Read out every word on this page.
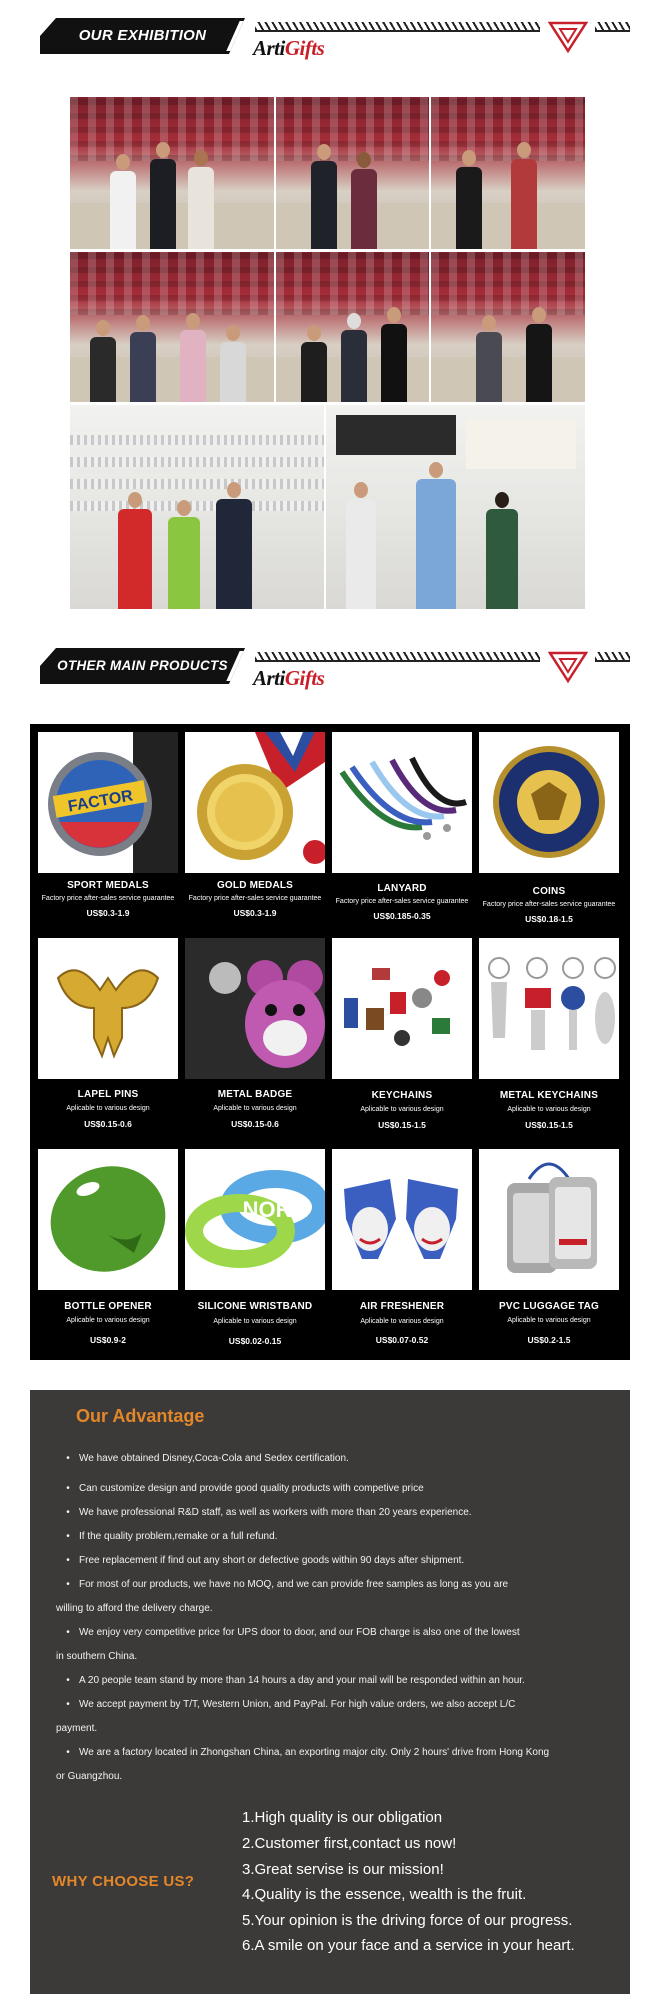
OUR EXHIBITION
ArtiGifts
OTHER MAIN PRODUCTS
ArtiGifts
FACTOR
SPORT MEDALS
Factory price after-sales service guarantee
US$0.3-1.9
GOLD MEDALS
Factory price after-sales service guarantee
US$0.3-1.9
LANYARD
Factory price after-sales service guarantee
US$0.185-0.35
COINS
Factory price after-sales service guarantee
US$0.18-1.5
LAPEL PINS
Aplicable to various design
US$0.15-0.6
METAL BADGE
Aplicable to various design
US$0.15-0.6
KEYCHAINS
Aplicable to various design
US$0.15-1.5
METAL KEYCHAINS
Aplicable to various design
US$0.15-1.5
BOTTLE OPENER
Aplicable to various design
US$0.9-2
NORA
SILICONE WRISTBAND
Aplicable to various design
US$0.02-0.15
AIR FRESHENER
Aplicable to various design
US$0.07-0.52
PVC LUGGAGE TAG
Aplicable to various design
US$0.2-1.5
Our Advantage
• We have obtained Disney,Coca-Cola and Sedex certification.
• Can customize design and provide good quality products with competive price
• We have professional R&D staff, as well as workers with more than 20 years experience.
• If the quality problem,remake or a full refund.
• Free replacement if find out any short or defective goods within 90 days after shipment.
• For most of our products, we have no MOQ, and we can provide free samples as long as you are
willing to afford the delivery charge.
• We enjoy very competitive price for UPS door to door, and our FOB charge is also one of the lowest
in southern China.
• A 20 people team stand by more than 14 hours a day and your mail will be responded within an hour.
• We accept payment by T/T, Western Union, and PayPal. For high value orders, we also accept L/C
payment.
• We are a factory located in Zhongshan China, an exporting major city. Only 2 hours' drive from Hong Kong
or Guangzhou.
WHY CHOOSE US?
1.High quality is our obligation
2.Customer first,contact us now!
3.Great servise is our mission!
4.Quality is the essence, wealth is the fruit.
5.Your opinion is the driving force of our progress.
6.A smile on your face and a service in your heart.
